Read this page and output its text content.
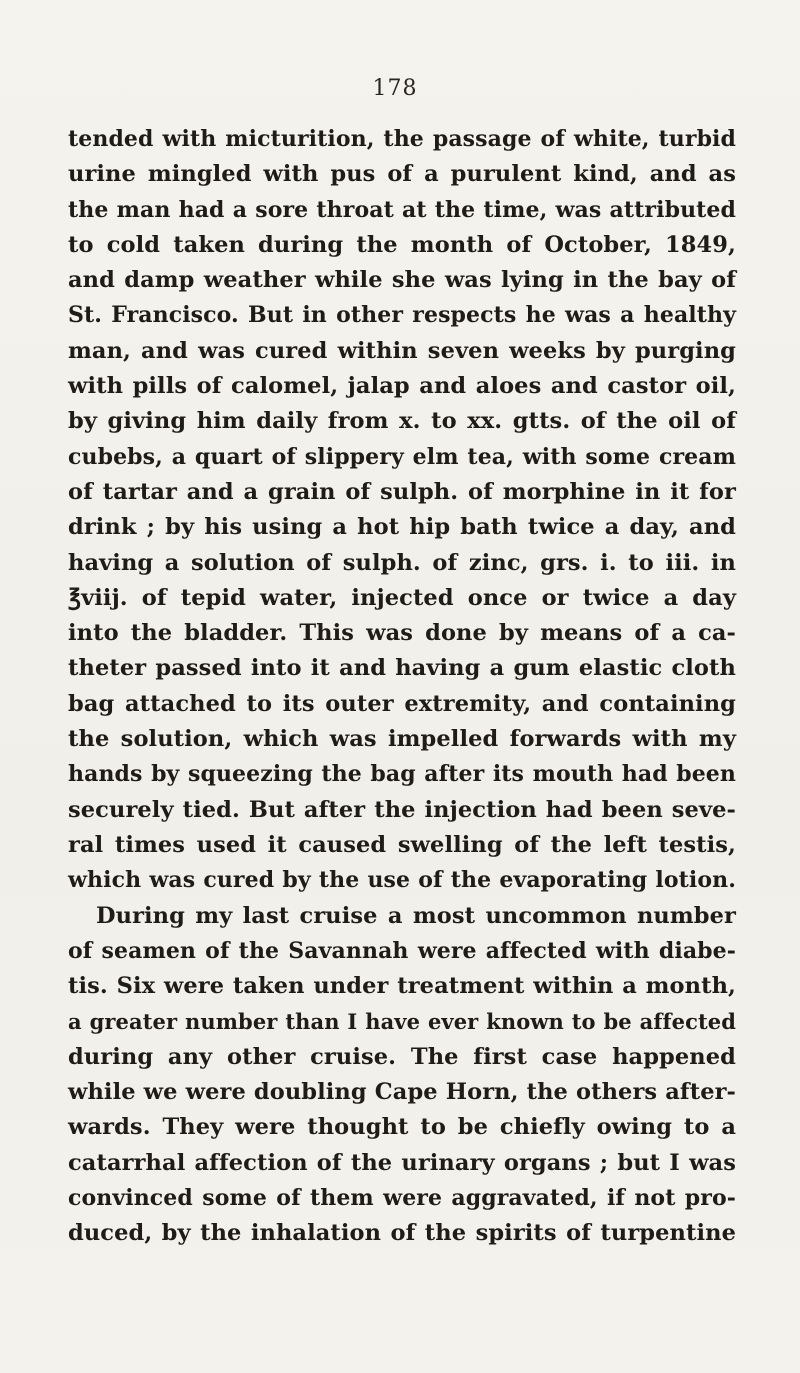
178
tended with micturition, the passage of white, turbid
urine mingled with pus of a purulent kind, and as
the man had a sore throat at the time, was attributed
to cold taken during the month of October, 1849,
and damp weather while she was lying in the bay of
St. Francisco. But in other respects he was a healthy
man, and was cured within seven weeks by purging
with pills of calomel, jalap and aloes and castor oil,
by giving him daily from x. to xx. gtts. of the oil of
cubebs, a quart of slippery elm tea, with some cream
of tartar and a grain of sulph. of morphine in it for
drink ; by his using a hot hip bath twice a day, and
having a solution of sulph. of zinc, grs. i. to iii. in
℥viij. of tepid water, injected once or twice a day
into the bladder. This was done by means of a ca-
theter passed into it and having a gum elastic cloth
bag attached to its outer extremity, and containing
the solution, which was impelled forwards with my
hands by squeezing the bag after its mouth had been
securely tied. But after the injection had been seve-
ral times used it caused swelling of the left testis,
which was cured by the use of the evaporating lotion.
During my last cruise a most uncommon number
of seamen of the Savannah were affected with diabe-
tis. Six were taken under treatment within a month,
a greater number than I have ever known to be affected
during any other cruise. The first case happened
while we were doubling Cape Horn, the others after-
wards. They were thought to be chiefly owing to a
catarrhal affection of the urinary organs ; but I was
convinced some of them were aggravated, if not pro-
duced, by the inhalation of the spirits of turpentine
